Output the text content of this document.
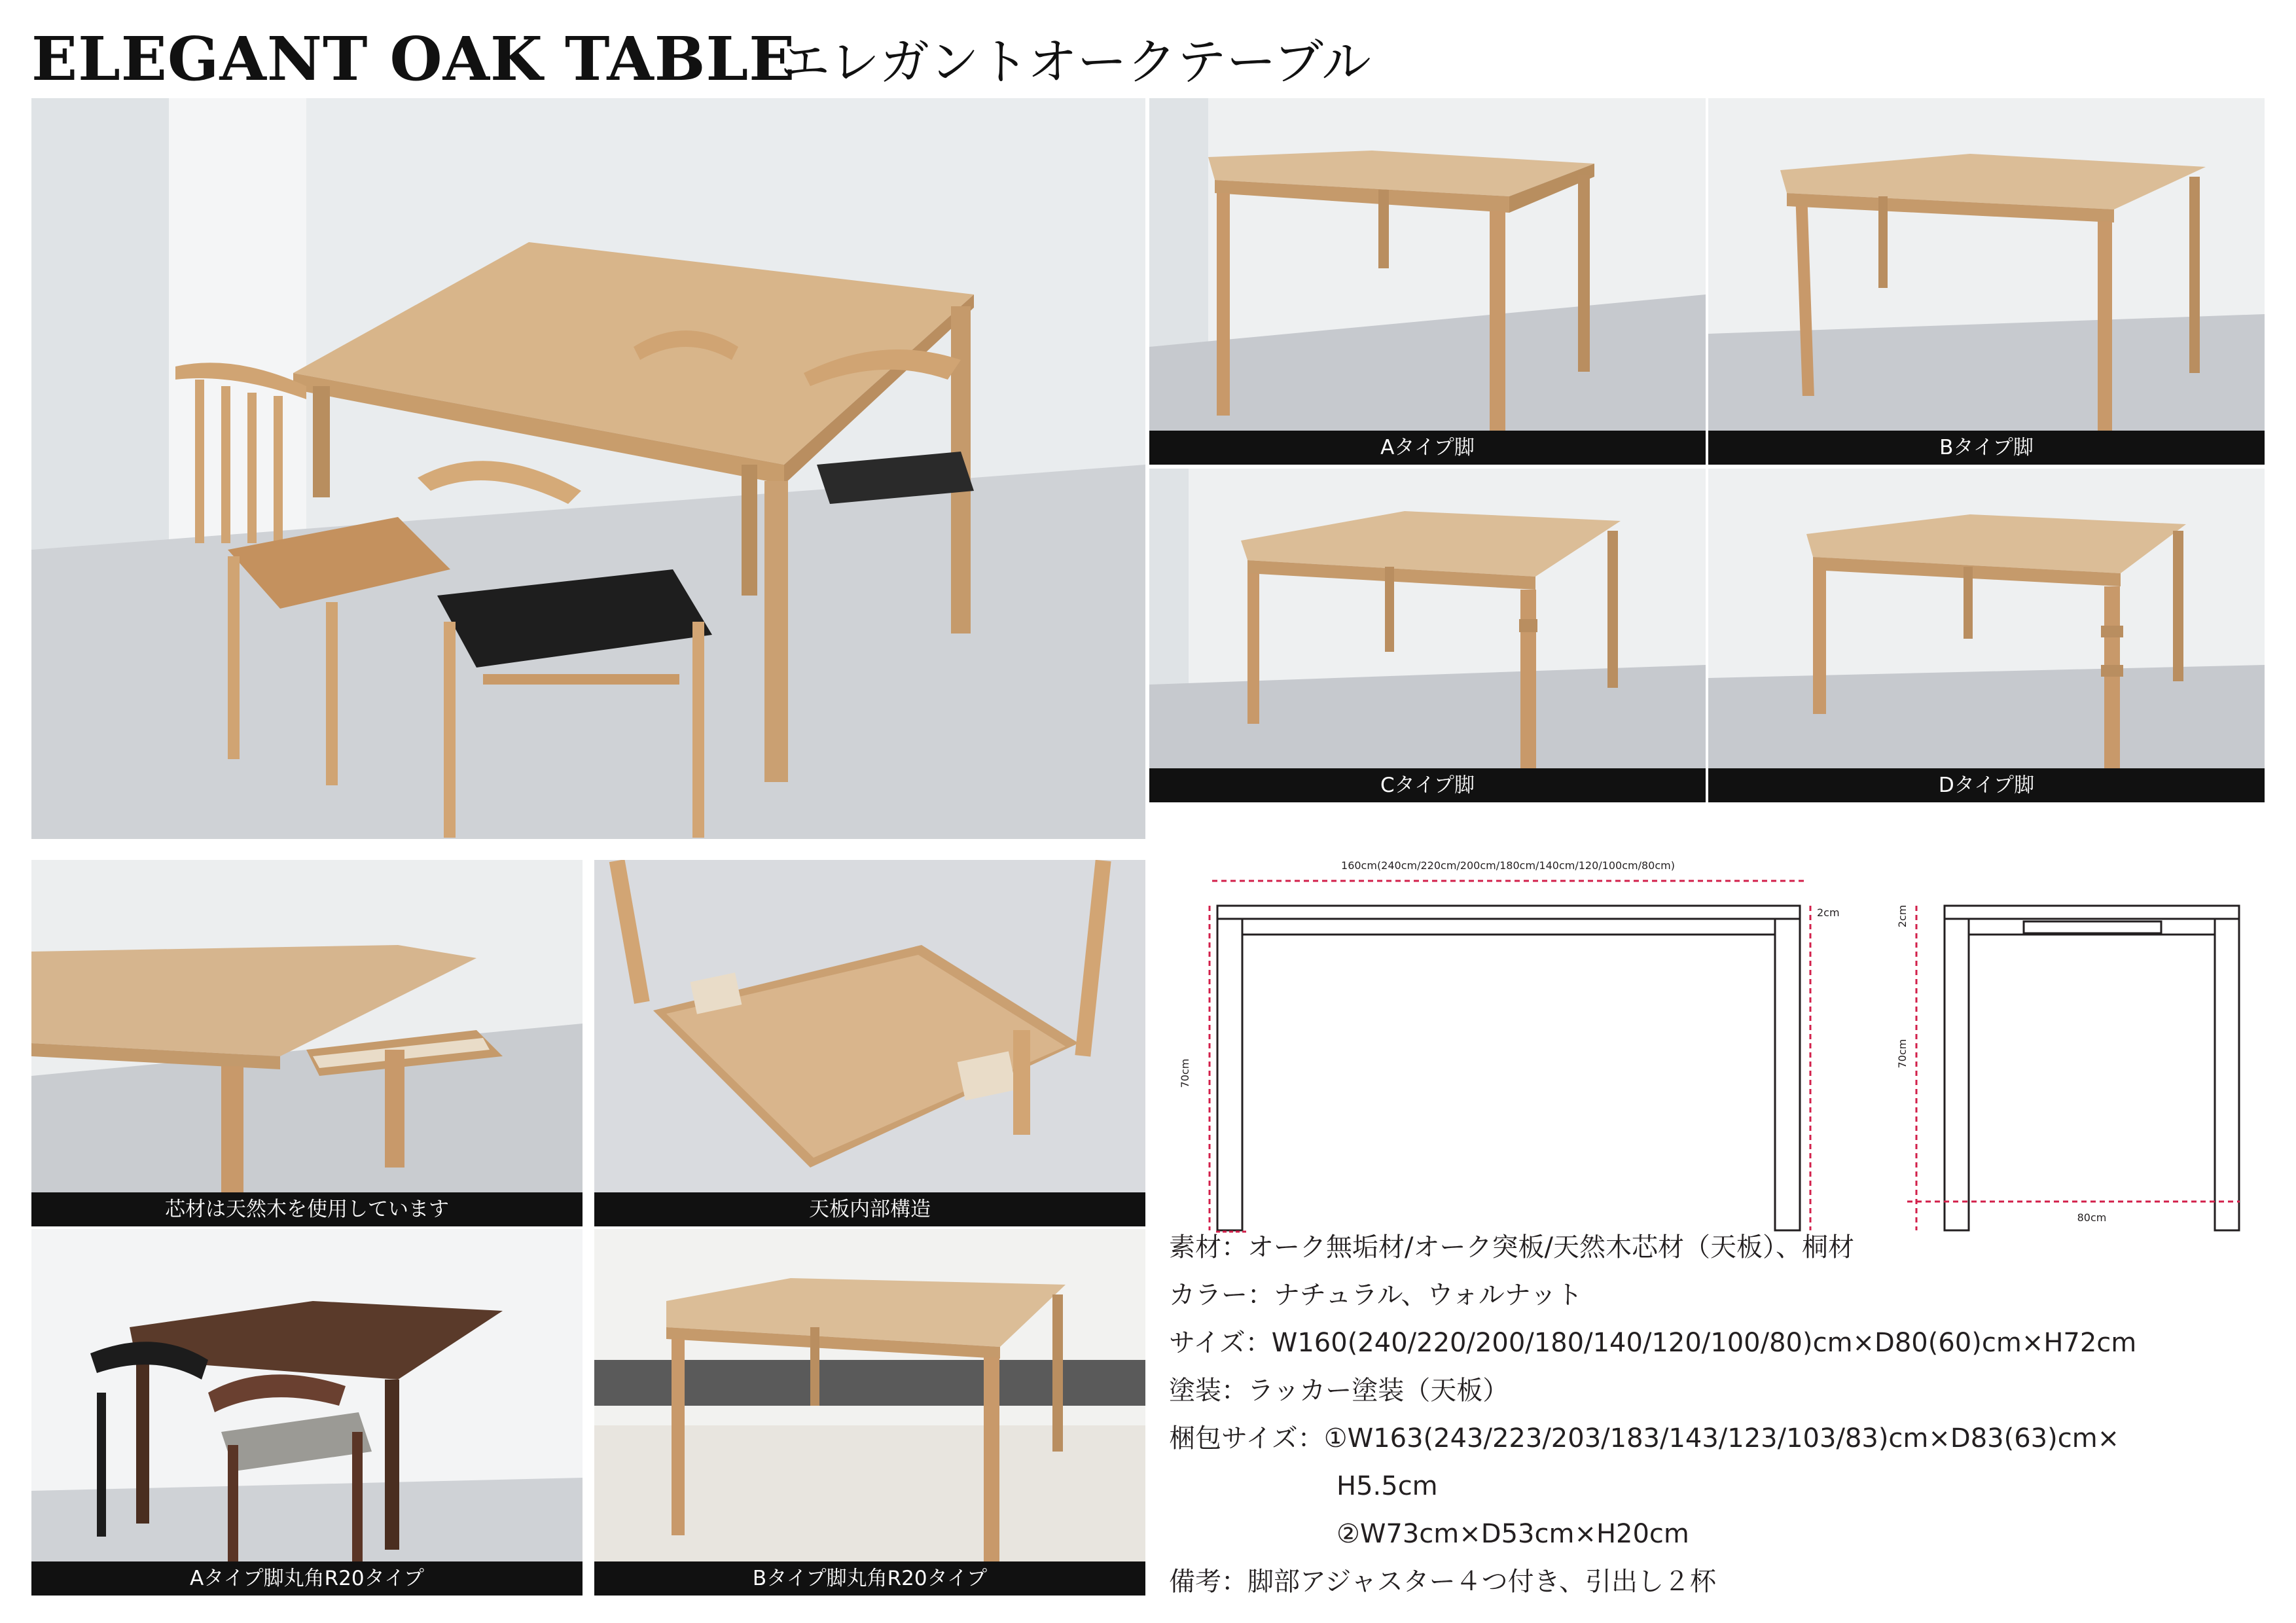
ELEGANT OAK TABLE
エレガントオークテーブル
Aタイプ脚	Bタイプ脚
Cタイプ脚	Dタイプ脚
芯材は天然木を使用しています	天板内部構造
Aタイプ脚丸角R20タイプ	Bタイプ脚丸角R20タイプ
160cm(240cm/220cm/200cm/180cm/140cm/120/100cm/80cm)
70cm
2cm	2cm
70cm
80cm
素材：オーク無垢材/オーク突板/天然木芯材（天板）、桐材
カラー：ナチュラル、ウォルナット
サイズ：W160(240/220/200/180/140/120/100/80)cm×D80(60)cm×H72cm
塗装：ラッカー塗装（天板）
梱包サイズ：①W163(243/223/203/183/143/123/103/83)cm×D83(63)cm×
H5.5cm
②W73cm×D53cm×H20cm
備考：脚部アジャスター４つ付き、引出し２杯
